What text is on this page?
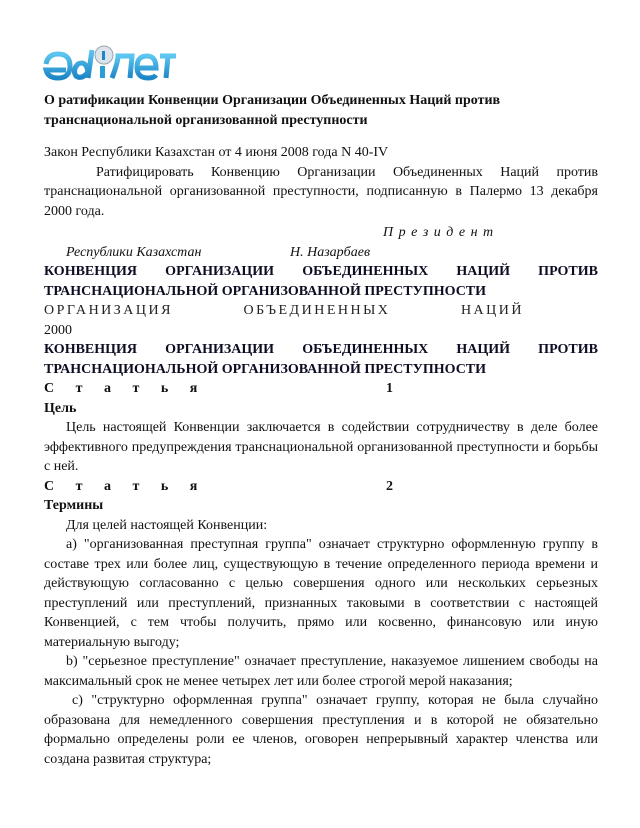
О ратификации Конвенции Организации Объединенных Наций против транснациональной организованной преступности
Закон Республики Казахстан от 4 июня 2008 года N 40-IV
Ратифицировать Конвенцию Организации Объединенных Наций против транснациональной организованной преступности, подписанную в Палермо 13 декабря 2000 года.
П р е з и д е н т
Республики Казахстан	Н. Назарбаев
КОНВЕНЦИЯ ОРГАНИЗАЦИИ ОБЪЕДИНЕННЫХ НАЦИЙ ПРОТИВ ТРАНСНАЦИОНАЛЬНОЙ ОРГАНИЗОВАННОЙ ПРЕСТУПНОСТИ
ОРГАНИЗАЦИЯ	ОБЪЕДИНЕННЫХ	НАЦИЙ
2000
КОНВЕНЦИЯ ОРГАНИЗАЦИИ ОБЪЕДИНЕННЫХ НАЦИЙ ПРОТИВ ТРАНСНАЦИОНАЛЬНОЙ ОРГАНИЗОВАННОЙ ПРЕСТУПНОСТИ
С т а т ь я	1
Цель
Цель настоящей Конвенции заключается в содействии сотрудничеству в деле более эффективного предупреждения транснациональной организованной преступности и борьбы с ней.
С т а т ь я	2
Термины
Для целей настоящей Конвенции:
a) "организованная преступная группа" означает структурно оформленную группу в составе трех или более лиц, существующую в течение определенного периода времени и действующую согласованно с целью совершения одного или нескольких серьезных преступлений или преступлений, признанных таковыми в соответствии с настоящей Конвенцией, с тем чтобы получить, прямо или косвенно, финансовую или иную материальную выгоду;
b) "серьезное преступление" означает преступление, наказуемое лишением свободы на максимальный срок не менее четырех лет или более строгой мерой наказания;
c) "структурно оформленная группа" означает группу, которая не была случайно образована для немедленного совершения преступления и в которой не обязательно формально определены роли ее членов, оговорен непрерывный характер членства или создана развитая структура;
